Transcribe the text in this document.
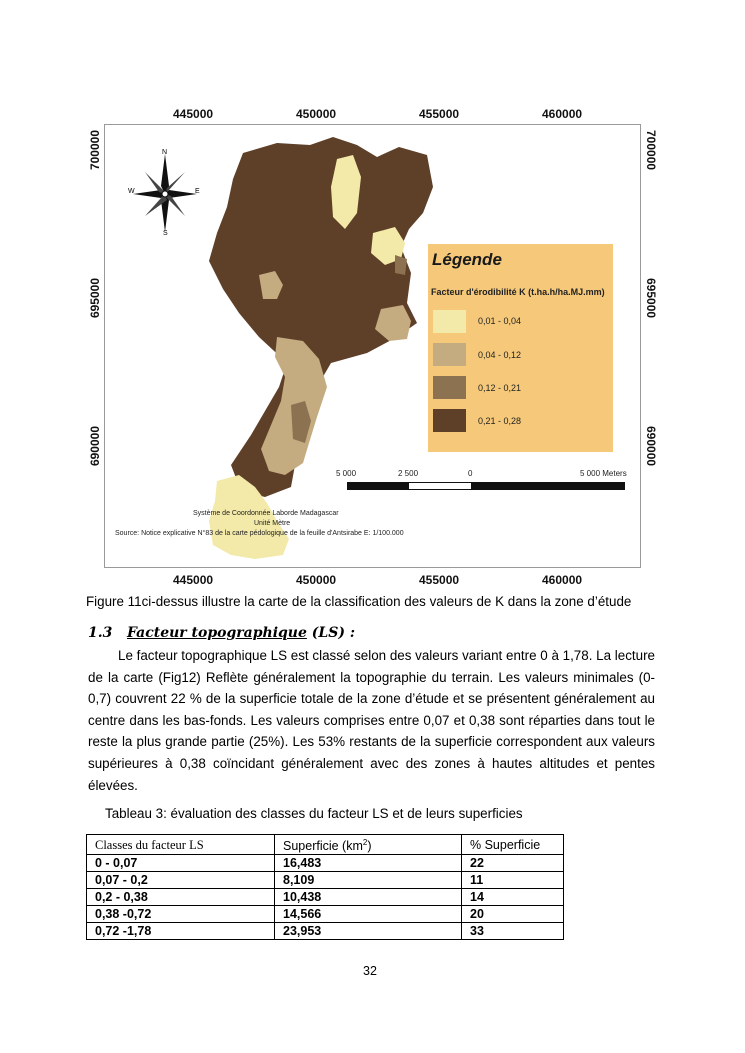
445000	450000	455000	460000
445000	450000	455000	460000
700000
695000
690000
700000
695000
690000
N
S
W	E
Légende
Facteur d'érodibilité K (t.ha.h/ha.MJ.mm)
0,01 - 0,04
0,04 - 0,12
0,12 - 0,21
0,21 - 0,28
5 000	2 500	0	5 000 Meters
Système de Coordonnée Laborde Madagascar
Unité Mètre
Source: Notice explicative N°83 de la carte pédologique de la feuille d'Antsirabe E: 1/100.000
Figure 11ci-dessus illustre la carte de la classification des valeurs de K dans la zone d’étude
1.3 Facteur topographique (LS) :
Le facteur topographique LS est classé selon des valeurs variant entre 0 à 1,78. La lecture de la carte (Fig12) Reflète généralement la topographie du terrain. Les valeurs minimales (0-0,7) couvrent 22 % de la superficie totale de la zone d’étude et se présentent généralement au centre dans les bas-fonds. Les valeurs comprises entre 0,07 et 0,38 sont réparties dans tout le reste la plus grande partie (25%). Les 53% restants de la superficie correspondent aux valeurs supérieures à 0,38 coïncidant généralement avec des zones à hautes altitudes et pentes élevées.
Tableau 3: évaluation des classes du facteur LS et de leurs superficies
Classes du facteur LS	Superficie $(km^2)$	% Superficie
0 - 0,07	16,483	22
0,07 - 0,2	8,109	11
0,2 - 0,38	10,438	14
0,38 -0,72	14,566	20
0,72 -1,78	23,953	33
32
